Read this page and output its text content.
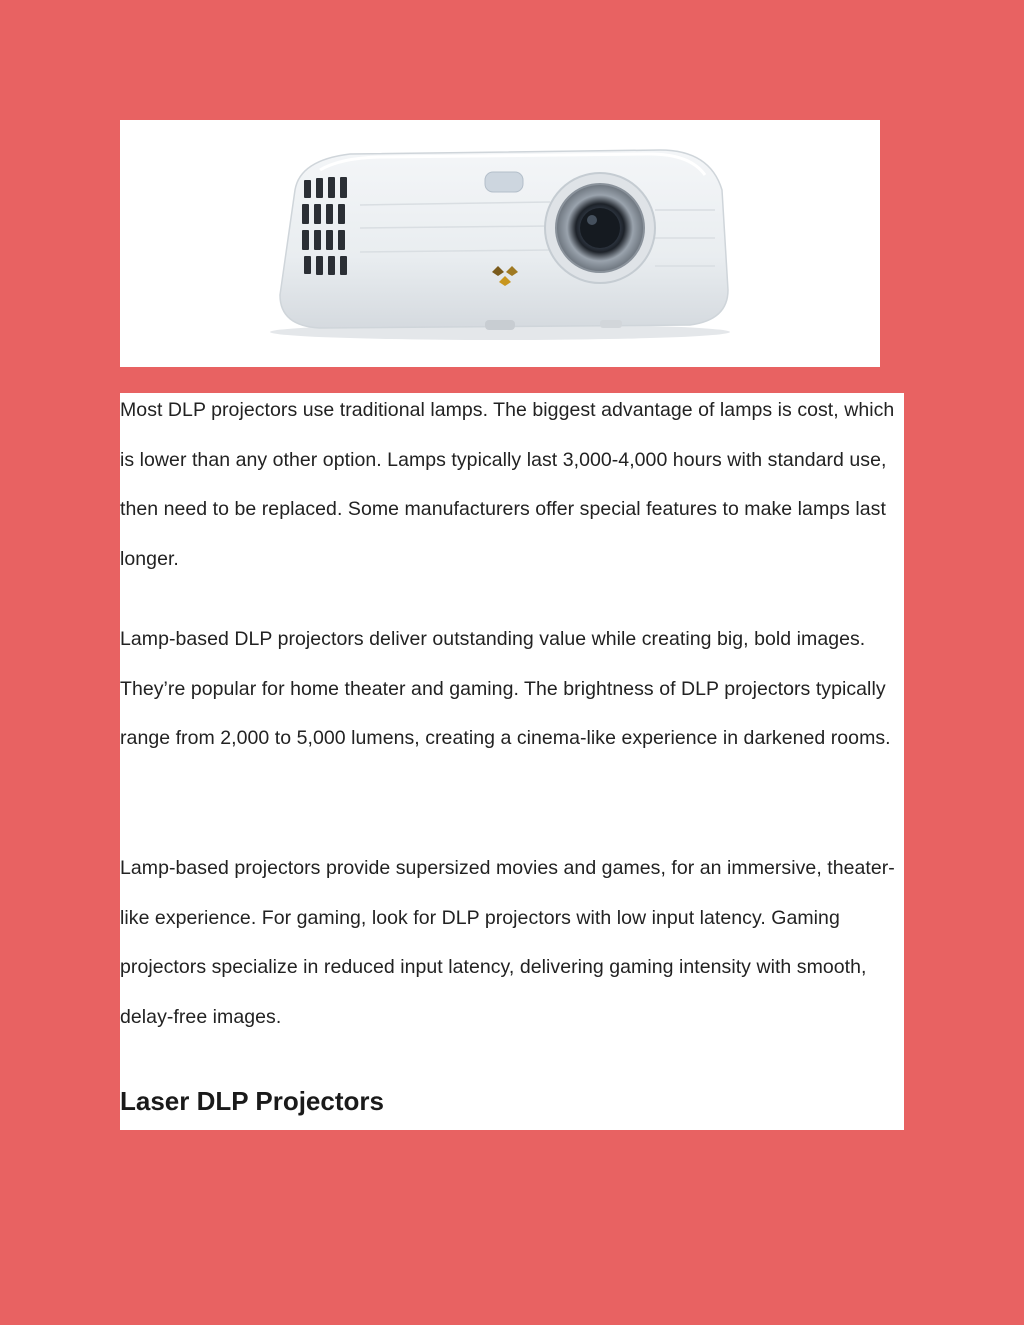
Most DLP projectors use traditional lamps. The biggest advantage of lamps is cost, which is lower than any other option. Lamps typically last 3,000-4,000 hours with standard use, then need to be replaced. Some manufacturers offer special features to make lamps last longer.

Lamp-based DLP projectors deliver outstanding value while creating big, bold images. They’re popular for home theater and gaming. The brightness of DLP projectors typically range from 2,000 to 5,000 lumens, creating a cinema-like experience in darkened rooms.

Lamp-based projectors provide supersized movies and games, for an immersive, theater-like experience. For gaming, look for DLP projectors with low input latency. Gaming projectors specialize in reduced input latency, delivering gaming intensity with smooth, delay-free images.

Laser DLP Projectors
